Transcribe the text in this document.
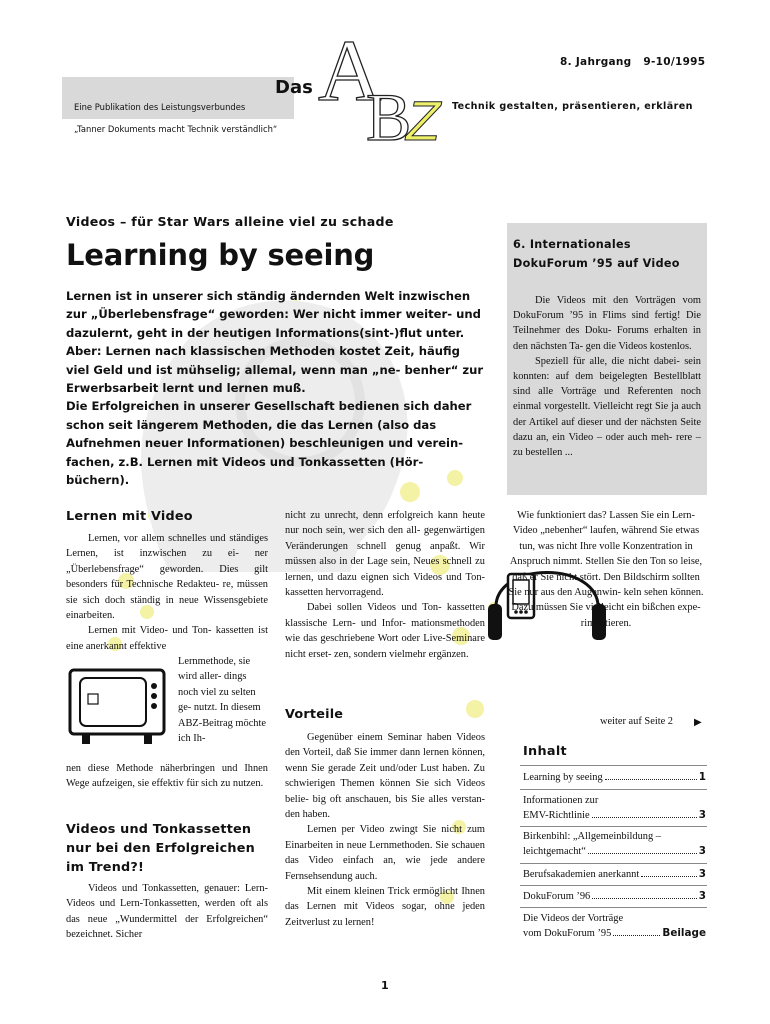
8. Jahrgang   9-10/1995

Eine Publikation des Leistungsverbundes

„Tanner Dokuments macht Technik verständlich“

Das A
B
Z Technik gestalten, präsentieren, erklären
Videos – für Star Wars alleine viel zu schade
Learning by seeing

Lernen ist in unserer sich ständig ändernden Welt inzwischen zur „Überlebensfrage“ geworden: Wer nicht immer weiter- und dazulernt, geht in der heutigen Informations(sint-)flut unter. Aber: Lernen nach klassischen Methoden kostet Zeit, häufig viel Geld und ist mühselig; allemal, wenn man „ne- benher“ zur Erwerbsarbeit lernt und lernen muß.

Die Erfolgreichen in unserer Gesellschaft bedienen sich daher schon seit längerem Methoden, die das Lernen (also das Aufnehmen neuer Informationen) beschleunigen und verein- fachen, z.B. Lernen mit Videos und Tonkassetten (Hör- büchern).

6. Internationales DokuForum ’95 auf Video

Die Videos mit den Vorträgen vom DokuForum ’95 in Flims sind fertig! Die Teilnehmer des Doku- Forums erhalten in den nächsten Ta- gen die Videos kostenlos.

Speziell für alle, die nicht dabei- sein konnten: auf dem beigelegten Bestellblatt sind alle Vorträge und Referenten noch einmal vorgestellt. Vielleicht regt Sie ja auch der Artikel auf dieser und der nächsten Seite dazu an, ein Video – oder auch meh- rere – zu bestellen ...

Lernen mit Video

Lernen, vor allem schnelles und ständiges Lernen, ist inzwischen zu ei- ner „Überlebensfrage“ geworden. Dies gilt besonders für Technische Redakteu- re, müssen sie sich doch ständig in neue Wissensgebiete einarbeiten.

Lernen mit Video- und Ton- kassetten ist eine anerkannt effektive

Lernmethode, sie wird aller- dings noch viel zu selten ge- nutzt. In diesem ABZ-Beitrag möchte ich Ih-
nen diese Methode näherbringen und Ihnen Wege aufzeigen, sie effektiv für sich zu nutzen.
Videos und Tonkassetten nur bei den Erfolgreichen im Trend?!

Videos und Tonkassetten, genauer: Lern-Videos und Lern-Tonkassetten, werden oft als das neue „Wundermittel der Erfolgreichen“ bezeichnet. Sicher

nicht zu unrecht, denn erfolgreich kann heute nur noch sein, wer sich den all- gegenwärtigen Veränderungen schnell genug anpaßt. Wir müssen also in der Lage sein, Neues schnell zu lernen, und dazu eignen sich Videos und Ton- kassetten hervorragend.

Dabei sollen Videos und Ton- kassetten klassische Lern- und Infor- mationsmethoden wie das geschriebene Wort oder Live-Seminare nicht erset- zen, sondern vielmehr ergänzen.

Vorteile

Gegenüber einem Seminar haben Videos den Vorteil, daß Sie immer dann lernen können, wenn Sie gerade Zeit und/oder Lust haben. Zu schwierigen Themen können Sie sich Videos belie- big oft anschauen, bis Sie alles verstan- den haben.

Lernen per Video zwingt Sie nicht zum Einarbeiten in neue Lernmethoden. Sie schauen das Video einfach an, wie jede andere Fernsehsendung auch.

Mit einem kleinen Trick ermöglicht Ihnen das Lernen mit Videos sogar, ohne jeden Zeitverlust zu lernen!

Wie funktioniert das? Lassen Sie ein Lern-Video „nebenher“ laufen, während Sie etwas tun, was nicht Ihre volle Konzentration in Anspruch nimmt. Stellen Sie den Ton so leise, daß er Sie nicht stört. Den Bildschirm sollten Sie nur aus den Augenwin- keln sehen können. Dazu müssen Sie vielleicht ein bißchen expe- rimentieren.
weiter auf Seite 2 ▶
Inhalt
Learning by seeing	1
Informationen zur
EMV-Richtlinie	3
Birkenbihl: „Allgemeinbildung –
leichtgemacht“	3
Berufsakademien anerkannt	3
DokuForum ’96	3
Die Videos der Vorträge
vom DokuForum ’95	Beilage
1
